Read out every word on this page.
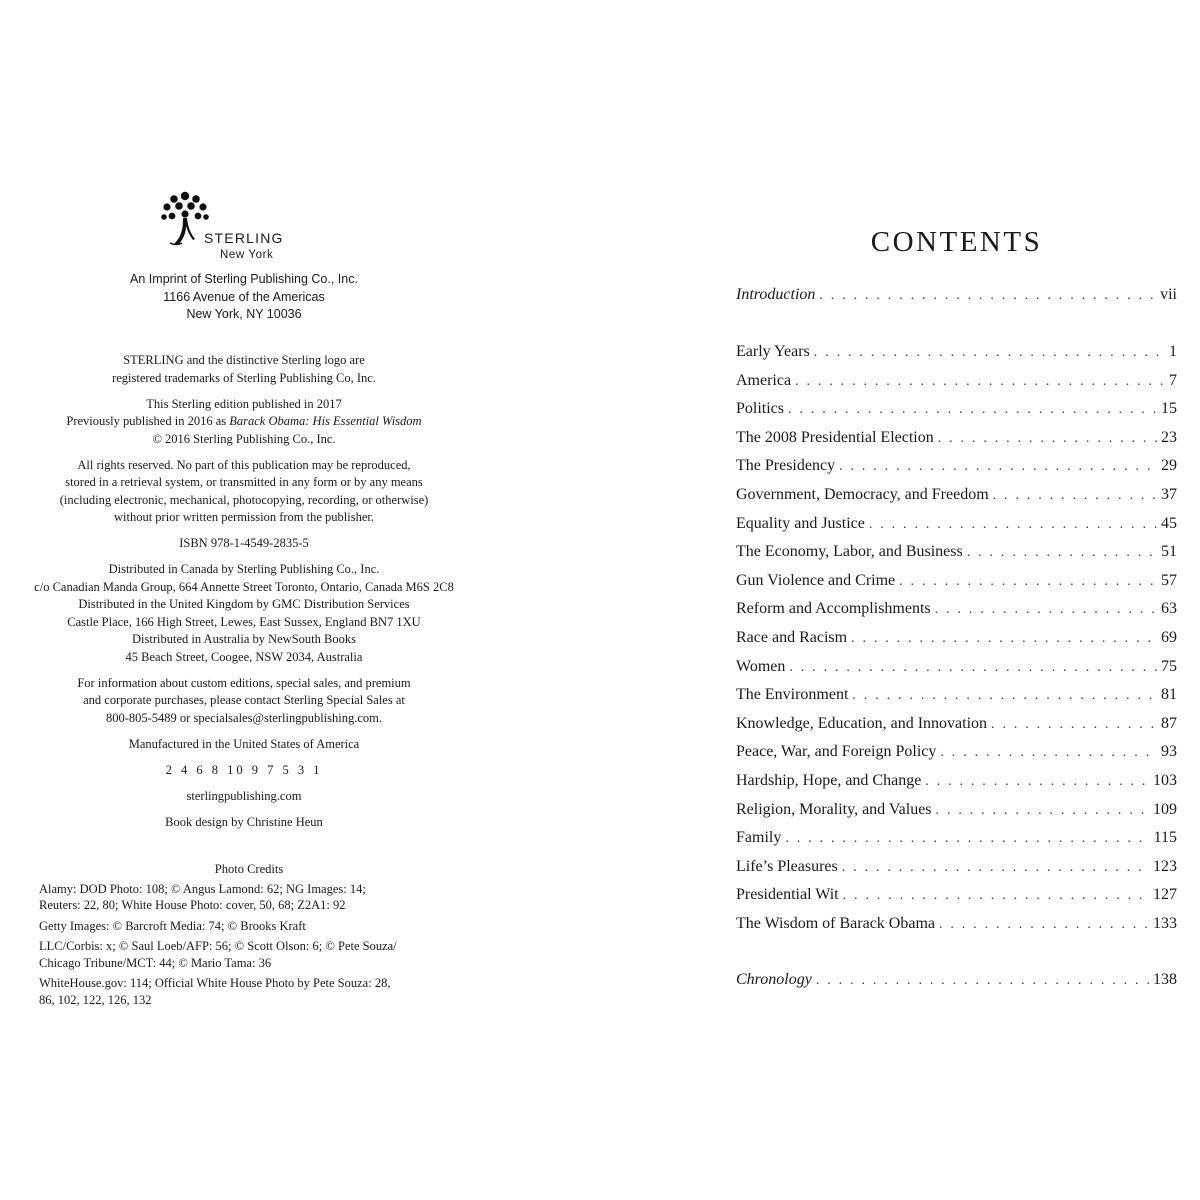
STERLING
New York
An Imprint of Sterling Publishing Co., Inc.
1166 Avenue of the Americas
New York, NY 10036
STERLING and the distinctive Sterling logo are
registered trademarks of Sterling Publishing Co, Inc.
This Sterling edition published in 2017
Previously published in 2016 as Barack Obama: His Essential Wisdom
© 2016 Sterling Publishing Co., Inc.
All rights reserved. No part of this publication may be reproduced,
stored in a retrieval system, or transmitted in any form or by any means
(including electronic, mechanical, photocopying, recording, or otherwise)
without prior written permission from the publisher.
ISBN 978-1-4549-2835-5
Distributed in Canada by Sterling Publishing Co., Inc.
c/o Canadian Manda Group, 664 Annette Street Toronto, Ontario, Canada M6S 2C8
Distributed in the United Kingdom by GMC Distribution Services
Castle Place, 166 High Street, Lewes, East Sussex, England BN7 1XU
Distributed in Australia by NewSouth Books
45 Beach Street, Coogee, NSW 2034, Australia
For information about custom editions, special sales, and premium
and corporate purchases, please contact Sterling Special Sales at
800-805-5489 or specialsales@sterlingpublishing.com.
Manufactured in the United States of America
2 4 6 8 10 9 7 5 3 1
sterlingpublishing.com
Book design by Christine Heun
Photo Credits
Alamy: DOD Photo: 108; © Angus Lamond: 62; NG Images: 14;
Reuters: 22, 80; White House Photo: cover, 50, 68; Z2A1: 92
Getty Images: © Barcroft Media: 74; © Brooks Kraft
LLC/Corbis: x; © Saul Loeb/AFP: 56; © Scott Olson: 6; © Pete Souza/
Chicago Tribune/MCT: 44; © Mario Tama: 36
WhiteHouse.gov: 114; Official White House Photo by Pete Souza: 28,
86, 102, 122, 126, 132
CONTENTS
Introduction . . .	vii
Early Years . . .	1
America . . .	7
Politics . . .	15
The 2008 Presidential Election . . .	23
The Presidency . . .	29
Government, Democracy, and Freedom . . .	37
Equality and Justice . . .	45
The Economy, Labor, and Business . . .	51
Gun Violence and Crime . . .	57
Reform and Accomplishments . . .	63
Race and Racism . . .	69
Women . . .	75
The Environment . . .	81
Knowledge, Education, and Innovation . . .	87
Peace, War, and Foreign Policy . . .	93
Hardship, Hope, and Change . . .	103
Religion, Morality, and Values . . .	109
Family . . .	115
Life’s Pleasures . . .	123
Presidential Wit . . .	127
The Wisdom of Barack Obama . . .	133
Chronology . . .	138
